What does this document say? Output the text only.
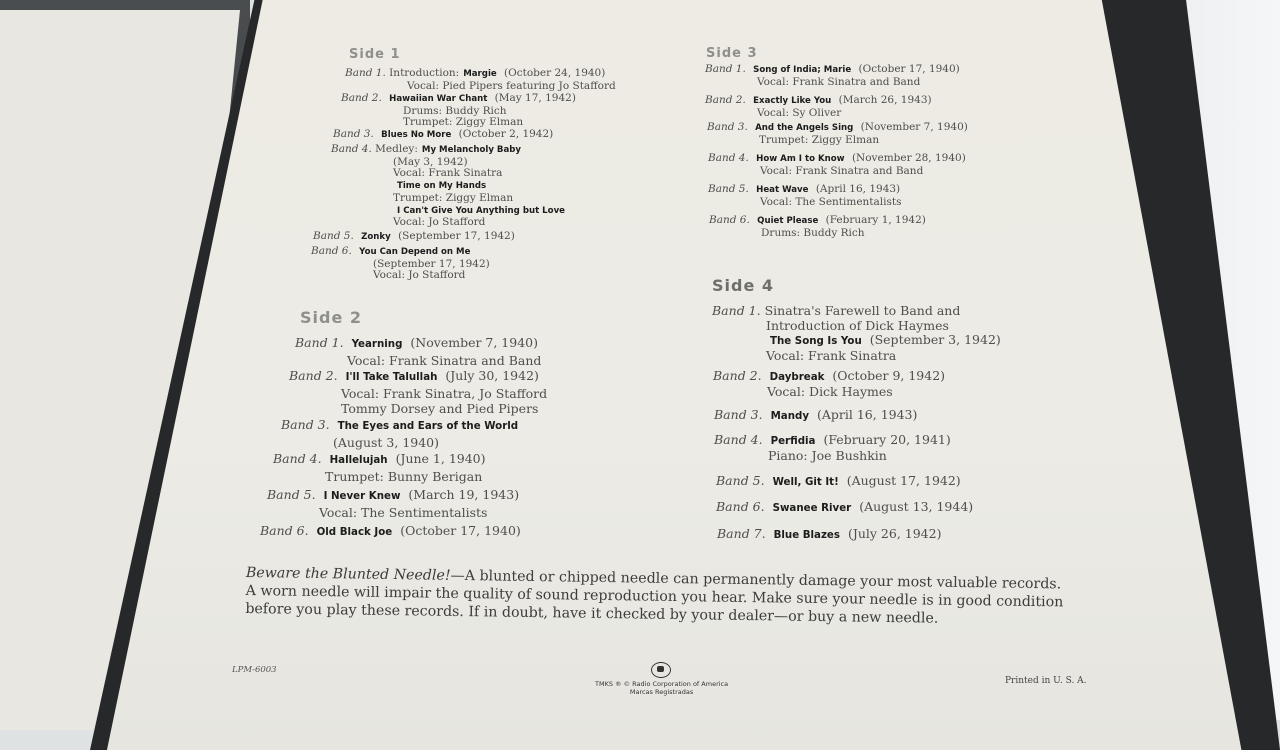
Side 1
Band 1. Introduction: Margie (October 24, 1940)
Vocal: Pied Pipers featuring Jo Stafford
Band 2. Hawaiian War Chant (May 17, 1942)
Drums: Buddy Rich
Trumpet: Ziggy Elman
Band 3. Blues No More (October 2, 1942)
Band 4. Medley: My Melancholy Baby
(May 3, 1942)
Vocal: Frank Sinatra
Time on My Hands
Trumpet: Ziggy Elman
I Can't Give You Anything but Love
Vocal: Jo Stafford
Band 5. Zonky (September 17, 1942)
Band 6. You Can Depend on Me
(September 17, 1942)
Vocal: Jo Stafford
Side 2
Band 1. Yearning (November 7, 1940)
Vocal: Frank Sinatra and Band
Band 2. I'll Take Talullah (July 30, 1942)
Vocal: Frank Sinatra, Jo Stafford
Tommy Dorsey and Pied Pipers
Band 3. The Eyes and Ears of the World
(August 3, 1940)
Band 4. Hallelujah (June 1, 1940)
Trumpet: Bunny Berigan
Band 5. I Never Knew (March 19, 1943)
Vocal: The Sentimentalists
Band 6. Old Black Joe (October 17, 1940)
Side 3
Band 1. Song of India; Marie (October 17, 1940)
Vocal: Frank Sinatra and Band
Band 2. Exactly Like You (March 26, 1943)
Vocal: Sy Oliver
Band 3. And the Angels Sing (November 7, 1940)
Trumpet: Ziggy Elman
Band 4. How Am I to Know (November 28, 1940)
Vocal: Frank Sinatra and Band
Band 5. Heat Wave (April 16, 1943)
Vocal: The Sentimentalists
Band 6. Quiet Please (February 1, 1942)
Drums: Buddy Rich
Side 4
Band 1. Sinatra's Farewell to Band and
Introduction of Dick Haymes
The Song Is You (September 3, 1942)
Vocal: Frank Sinatra
Band 2. Daybreak (October 9, 1942)
Vocal: Dick Haymes
Band 3. Mandy (April 16, 1943)
Band 4. Perfidia (February 20, 1941)
Piano: Joe Bushkin
Band 5. Well, Git It! (August 17, 1942)
Band 6. Swanee River (August 13, 1944)
Band 7. Blue Blazes (July 26, 1942)
Beware the Blunted Needle!—A blunted or chipped needle can permanently damage your most valuable records. A worn needle will impair the quality of sound reproduction you hear. Make sure your needle is in good condition before you play these records. If in doubt, have it checked by your dealer—or buy a new needle.
LPM-6003
TMKS ® © Radio Corporation of America
Marcas Registradas
Printed in U. S. A.
